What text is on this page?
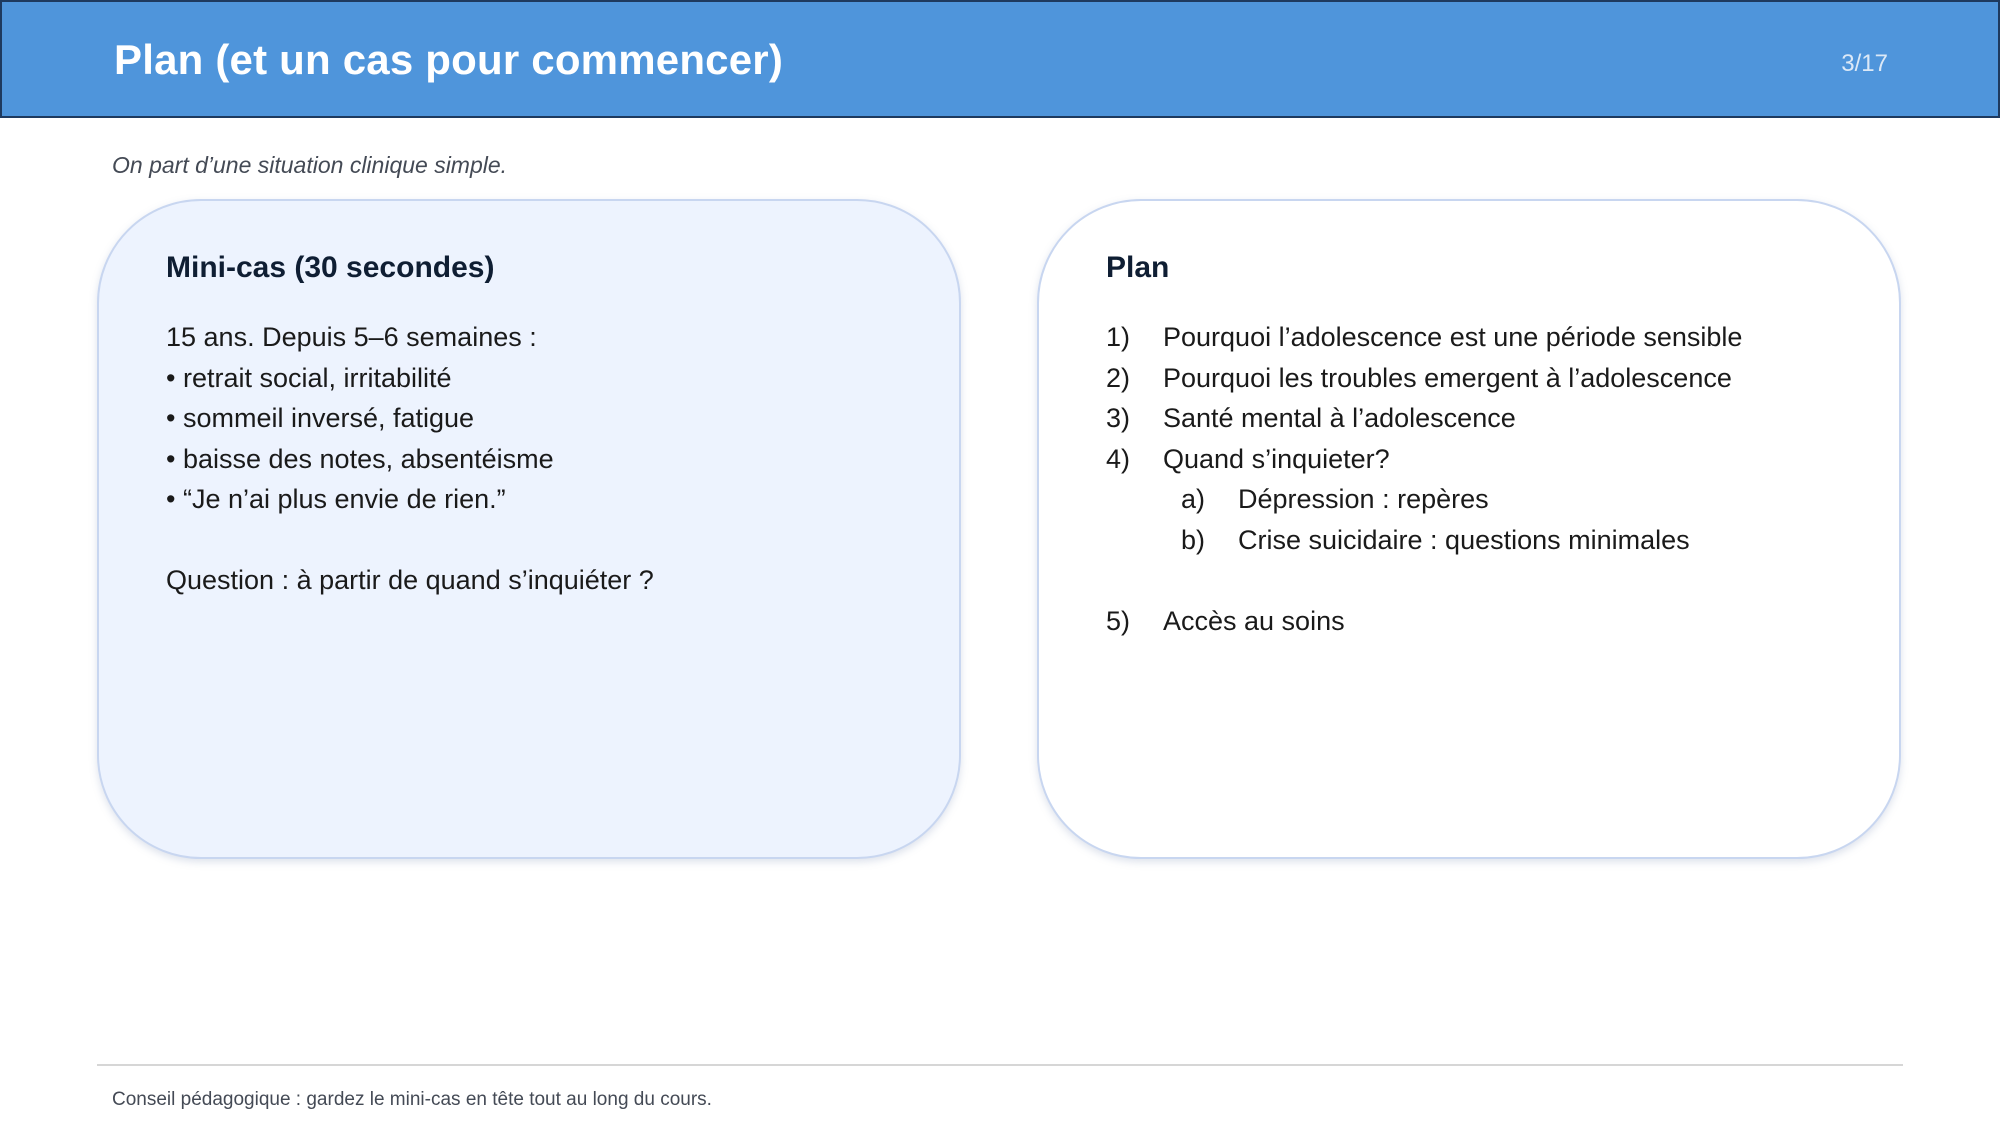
Plan (et un cas pour commencer)	3/17
On part d’une situation clinique simple.
Mini-cas (30 secondes)
15 ans. Depuis 5–6 semaines :
• retrait social, irritabilité
• sommeil inversé, fatigue
• baisse des notes, absentéisme
• “Je n’ai plus envie de rien.”
Question : à partir de quand s’inquiéter ?
Plan
1) Pourquoi l’adolescence est une période sensible
2) Pourquoi les troubles emergent à l’adolescence
3) Santé mental à l’adolescence
4) Quand s’inquieter?
a) Dépression : repères
b) Crise suicidaire : questions minimales
5) Accès au soins
Conseil pédagogique : gardez le mini-cas en tête tout au long du cours.
